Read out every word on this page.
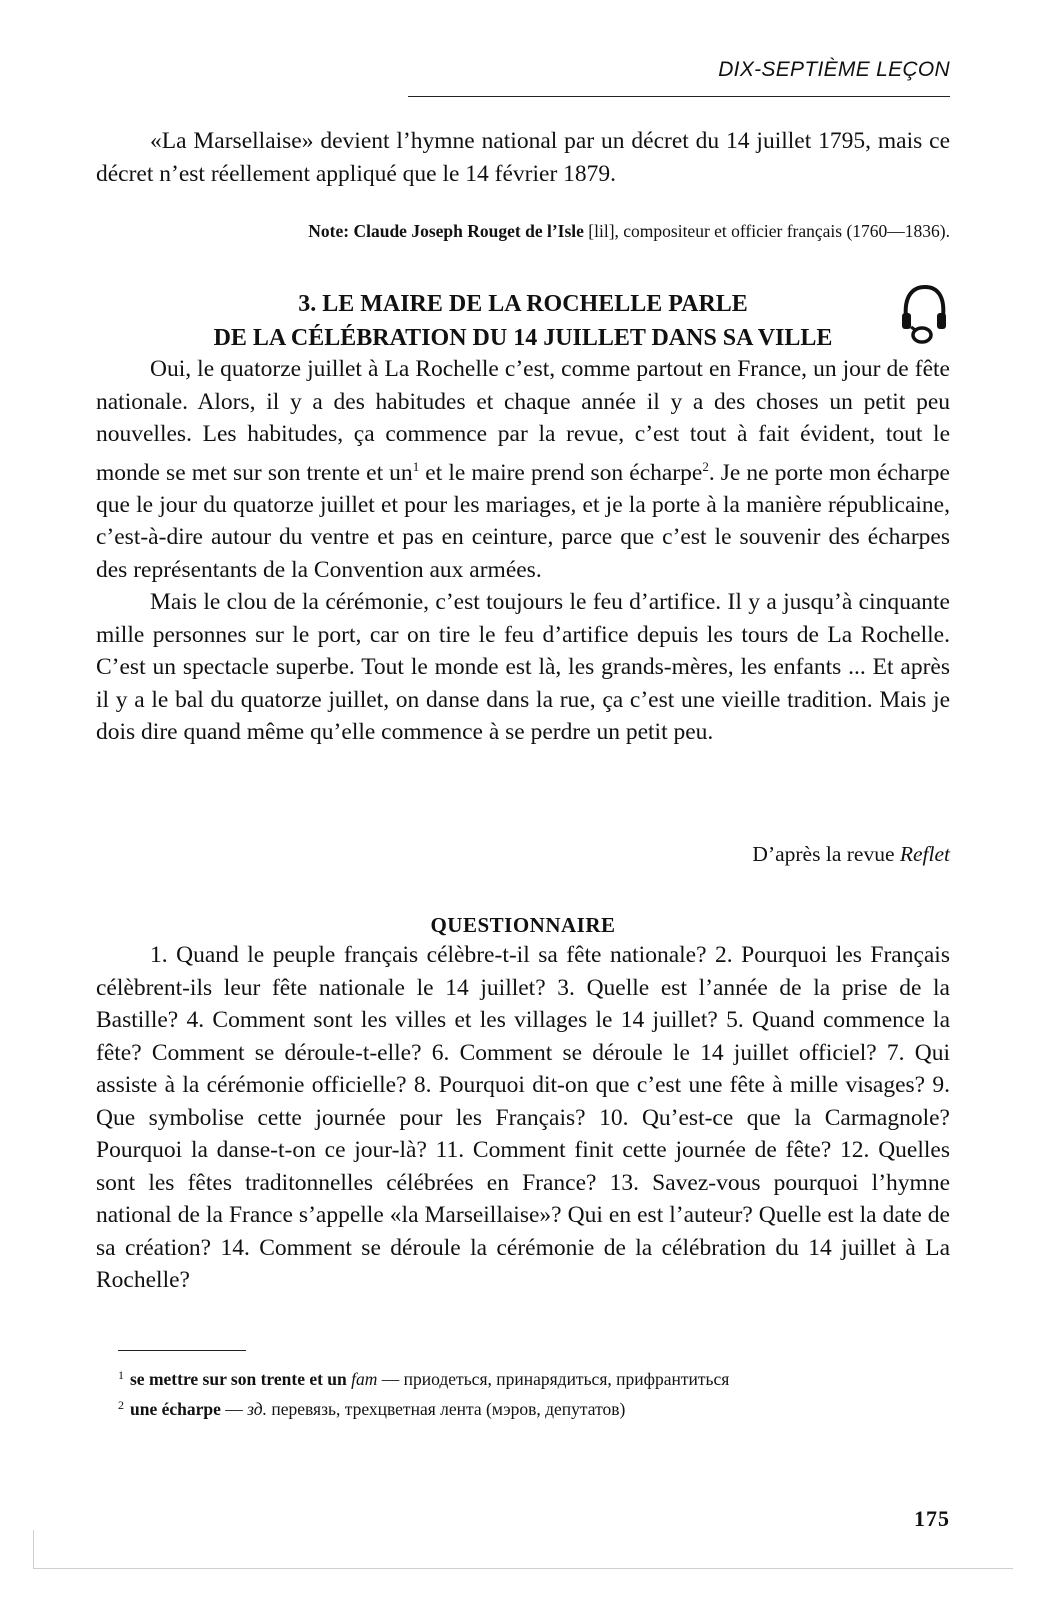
DIX-SEPTIÈME LEÇON

«La Marsellaise» devient l’hymne national par un décret du 14 juillet 1795, mais ce décret n’est réellement appliqué que le 14 février 1879.

Note: Claude Joseph Rouget de l’Isle [lil], compositeur et officier français (1760—1836).
3. LE MAIRE DE LA ROCHELLE PARLE
DE LA CÉLÉBRATION DU 14 JUILLET DANS SA VILLE

Oui, le quatorze juillet à La Rochelle c’est, comme partout en France, un jour de fête nationale. Alors, il y a des habitudes et chaque année il y a des choses un petit peu nouvelles. Les habitudes, ça commence par la revue, c’est tout à fait évident, tout le monde se met sur son trente et $un^1$ et le maire prend son écharpe$^2$. Je ne porte mon écharpe que le jour du quatorze juillet et pour les mariages, et je la porte à la manière républicaine, c’est-à-dire autour du ventre et pas en ceinture, parce que c’est le souvenir des écharpes des représentants de la Convention aux armées.

Mais le clou de la cérémonie, c’est toujours le feu d’artifice. Il y a jusqu’à cinquante mille personnes sur le port, car on tire le feu d’artifice depuis les tours de La Rochelle. C’est un spectacle superbe. Tout le monde est là, les grands-mères, les enfants ... Et après il y a le bal du quatorze juillet, on danse dans la rue, ça c’est une vieille tradition. Mais je dois dire quand même qu’elle commence à se perdre un petit peu.

D’après la revue Reflet
QUESTIONNAIRE

1. Quand le peuple français célèbre-t-il sa fête nationale? 2. Pourquoi les Français célèbrent-ils leur fête nationale le 14 juillet? 3. Quelle est l’année de la prise de la Bastille? 4. Comment sont les villes et les villages le 14 juillet? 5. Quand commence la fête? Comment se déroule-t-elle? 6. Comment se déroule le 14 juillet officiel? 7. Qui assiste à la cérémonie officielle? 8. Pourquoi dit-on que c’est une fête à mille visages? 9. Que symbolise cette journée pour les Français? 10. Qu’est-ce que la Carmagnole? Pourquoi la danse-t-on ce jour-là? 11. Comment finit cette journée de fête? 12. Quelles sont les fêtes traditonnelles célébrées en France? 13. Savez-vous pourquoi l’hymne national de la France s’appelle «la Marseillaise»? Qui en est l’auteur? Quelle est la date de sa création? 14. Comment se déroule la cérémonie de la célébration du 14 juillet à La Rochelle?

$^1$ se mettre sur son trente et un fam — приодеться, принарядиться, прифрантиться
$^2$ une écharpe — зд. перевязь, трехцветная лента (мэров, депутатов)
175
